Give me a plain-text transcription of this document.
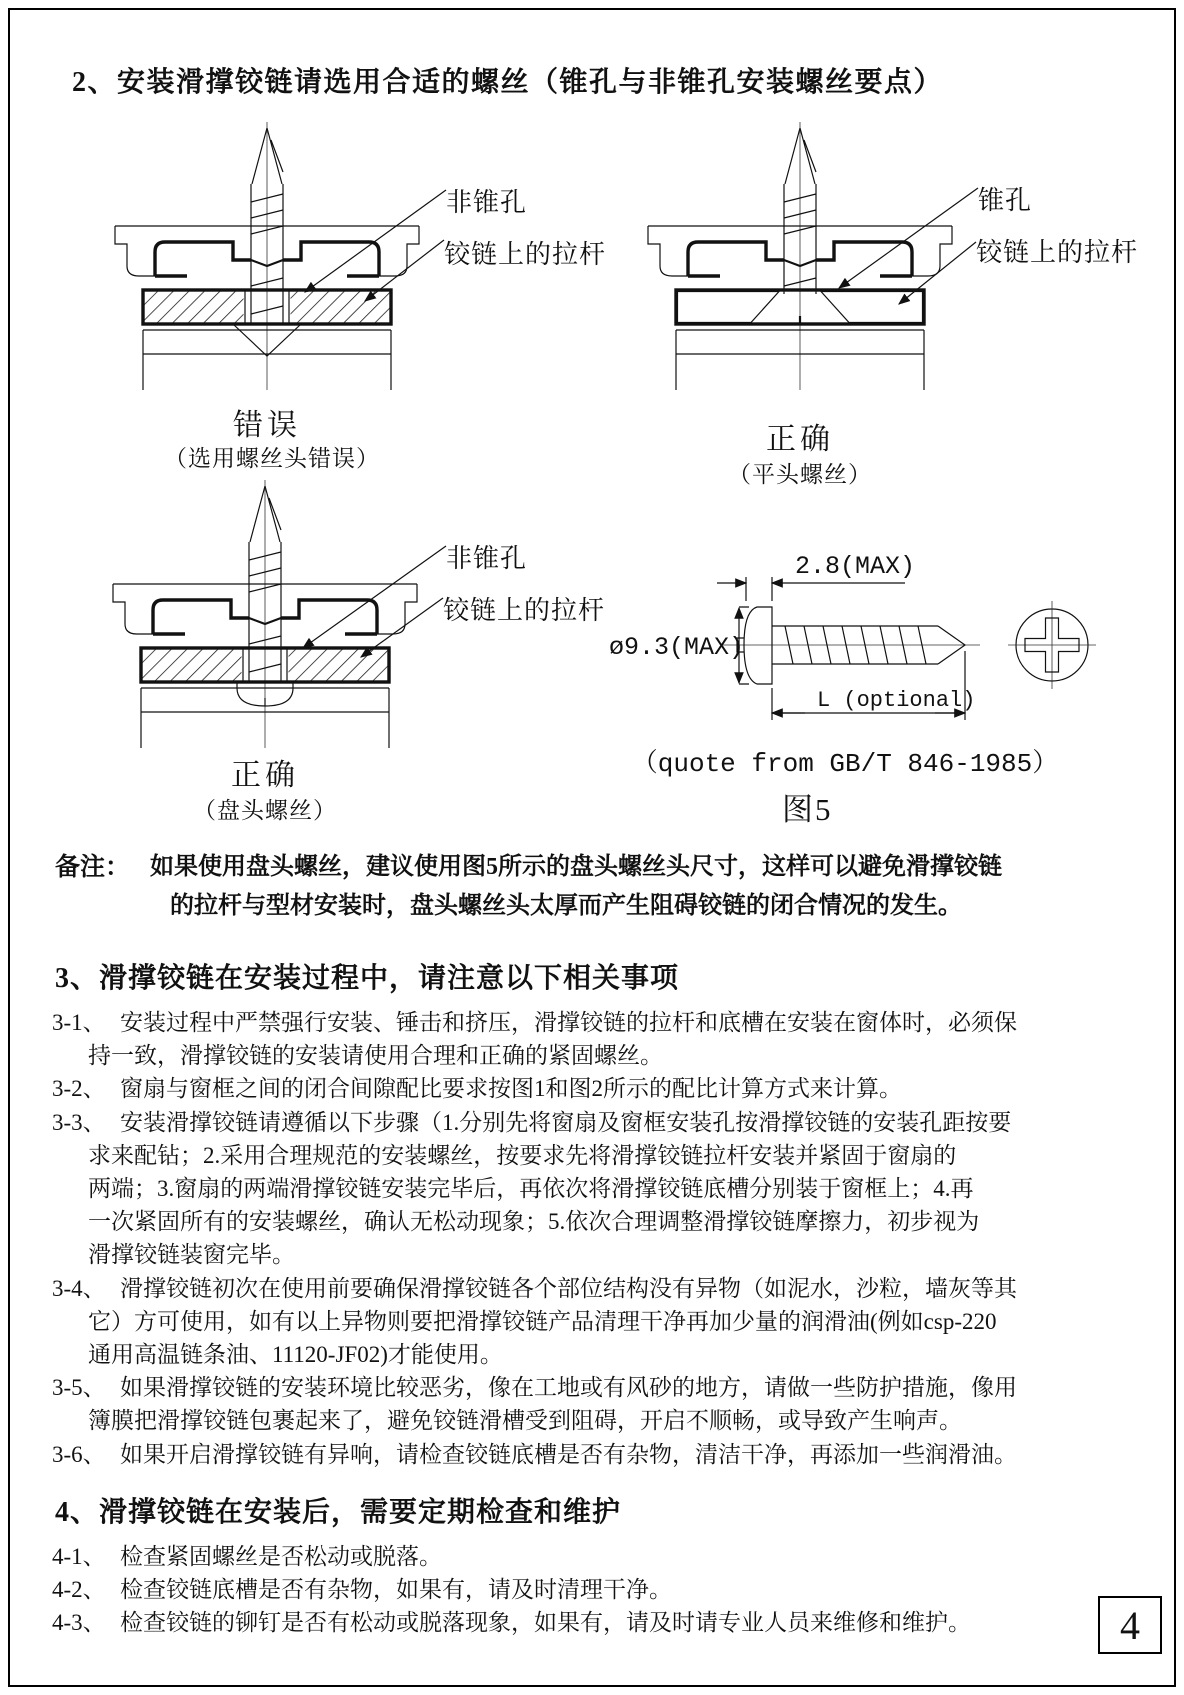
2、安装滑撑铰链请选用合适的螺丝（锥孔与非锥孔安装螺丝要点）
非锥孔
铰链上的拉杆
错误
（选用螺丝头错误）
锥孔
铰链上的拉杆
正确
（平头螺丝）
非锥孔
铰链上的拉杆
正确
（盘头螺丝）
2.8(MAX)
ø9.3(MAX)
L (optional)
（quote from GB/T 846-1985）
图5
备注： 如果使用盘头螺丝，建议使用图5所示的盘头螺丝头尺寸，这样可以避免滑撑铰链
的拉杆与型材安装时，盘头螺丝头太厚而产生阻碍铰链的闭合情况的发生。
3、滑撑铰链在安装过程中，请注意以下相关事项
3-1、 安装过程中严禁强行安装、锤击和挤压，滑撑铰链的拉杆和底槽在安装在窗体时，必须保
持一致，滑撑铰链的安装请使用合理和正确的紧固螺丝。
3-2、 窗扇与窗框之间的闭合间隙配比要求按图1和图2所示的配比计算方式来计算。
3-3、 安装滑撑铰链请遵循以下步骤（1.分别先将窗扇及窗框安装孔按滑撑铰链的安装孔距按要
求来配钻；2.采用合理规范的安装螺丝，按要求先将滑撑铰链拉杆安装并紧固于窗扇的
两端；3.窗扇的两端滑撑铰链安装完毕后，再依次将滑撑铰链底槽分别装于窗框上；4.再
一次紧固所有的安装螺丝，确认无松动现象；5.依次合理调整滑撑铰链摩擦力，初步视为
滑撑铰链装窗完毕。
3-4、 滑撑铰链初次在使用前要确保滑撑铰链各个部位结构没有异物（如泥水，沙粒，墙灰等其
它）方可使用，如有以上异物则要把滑撑铰链产品清理干净再加少量的润滑油(例如csp-220
通用高温链条油、11120-JF02)才能使用。
3-5、 如果滑撑铰链的安装环境比较恶劣，像在工地或有风砂的地方，请做一些防护措施，像用
簿膜把滑撑铰链包裹起来了，避免铰链滑槽受到阻碍，开启不顺畅，或导致产生响声。
3-6、 如果开启滑撑铰链有异响，请检查铰链底槽是否有杂物，清洁干净，再添加一些润滑油。
4、滑撑铰链在安装后，需要定期检查和维护
4-1、 检查紧固螺丝是否松动或脱落。
4-2、 检查铰链底槽是否有杂物，如果有，请及时清理干净。
4-3、 检查铰链的铆钉是否有松动或脱落现象，如果有，请及时请专业人员来维修和维护。	4
